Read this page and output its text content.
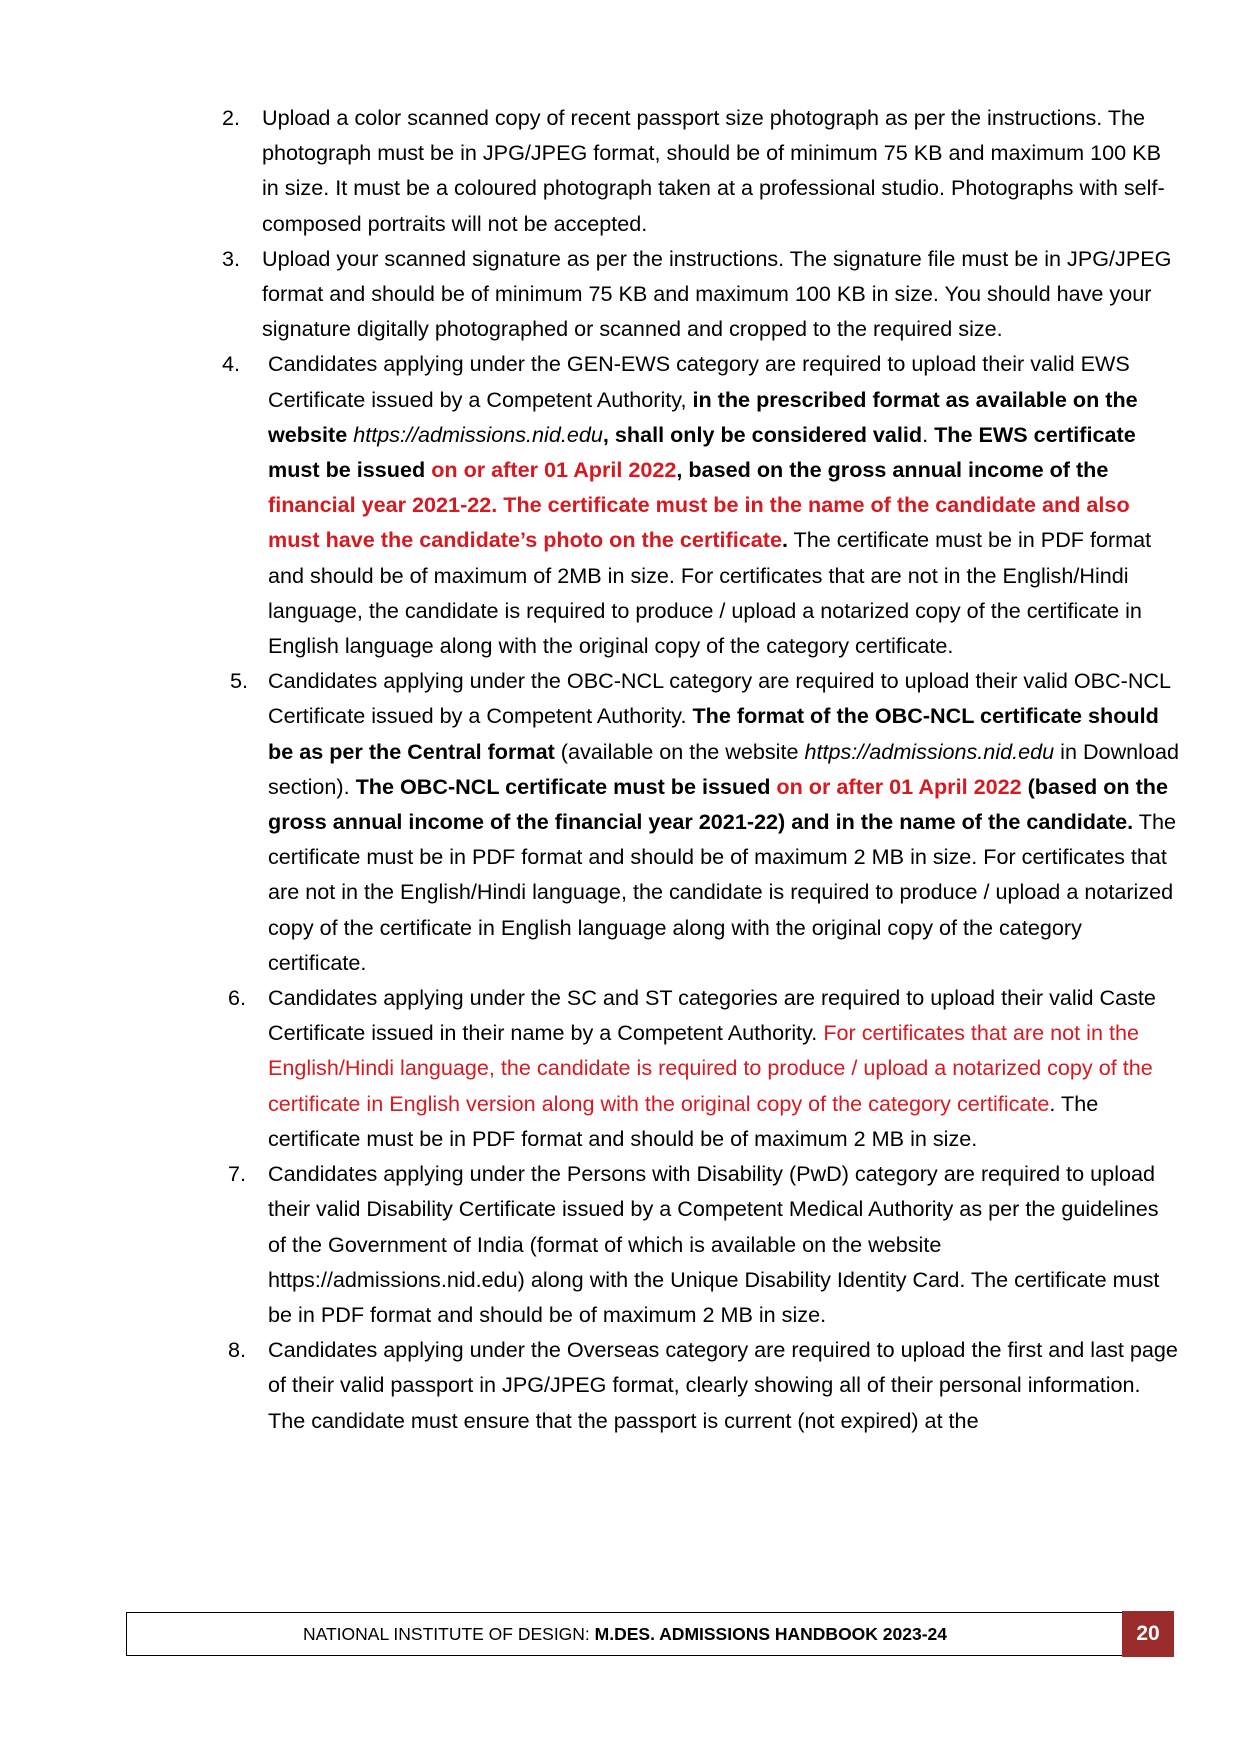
2.	Upload a color scanned copy of recent passport size photograph as per the instructions. The photograph must be in JPG/JPEG format, should be of minimum 75 KB and maximum 100 KB in size. It must be a coloured photograph taken at a professional studio. Photographs with self-composed portraits will not be accepted.
3.	Upload your scanned signature as per the instructions. The signature file must be in JPG/JPEG format and should be of minimum 75 KB and maximum 100 KB in size. You should have your signature digitally photographed or scanned and cropped to the required size.
4.	Candidates applying under the GEN-EWS category are required to upload their valid EWS Certificate issued by a Competent Authority, in the prescribed format as available on the website https://admissions.nid.edu, shall only be considered valid. The EWS certificate must be issued on or after 01 April 2022, based on the gross annual income of the financial year 2021-22. The certificate must be in the name of the candidate and also must have the candidate’s photo on the certificate. The certificate must be in PDF format and should be of maximum of 2MB in size. For certificates that are not in the English/Hindi language, the candidate is required to produce / upload a notarized copy of the certificate in English language along with the original copy of the category certificate.
5. Candidates applying under the OBC-NCL category are required to upload their valid OBC-NCL Certificate issued by a Competent Authority. The format of the OBC-NCL certificate should be as per the Central format (available on the website https://admissions.nid.edu in Download section). The OBC-NCL certificate must be issued on or after 01 April 2022 (based on the gross annual income of the financial year 2021-22) and in the name of the candidate. The certificate must be in PDF format and should be of maximum 2 MB in size. For certificates that are not in the English/Hindi language, the candidate is required to produce / upload a notarized copy of the certificate in English language along with the original copy of the category certificate.
6.	Candidates applying under the SC and ST categories are required to upload their valid Caste Certificate issued in their name by a Competent Authority. For certificates that are not in the English/Hindi language, the candidate is required to produce / upload a notarized copy of the certificate in English version along with the original copy of the category certificate. The certificate must be in PDF format and should be of maximum 2 MB in size.
7.	Candidates applying under the Persons with Disability (PwD) category are required to upload their valid Disability Certificate issued by a Competent Medical Authority as per the guidelines of the Government of India (format of which is available on the website https://admissions.nid.edu) along with the Unique Disability Identity Card. The certificate must be in PDF format and should be of maximum 2 MB in size.
8.	Candidates applying under the Overseas category are required to upload the first and last page of their valid passport in JPG/JPEG format, clearly showing all of their personal information. The candidate must ensure that the passport is current (not expired) at the
NATIONAL INSTITUTE OF DESIGN: M.DES. ADMISSIONS HANDBOOK 2023-24	20
